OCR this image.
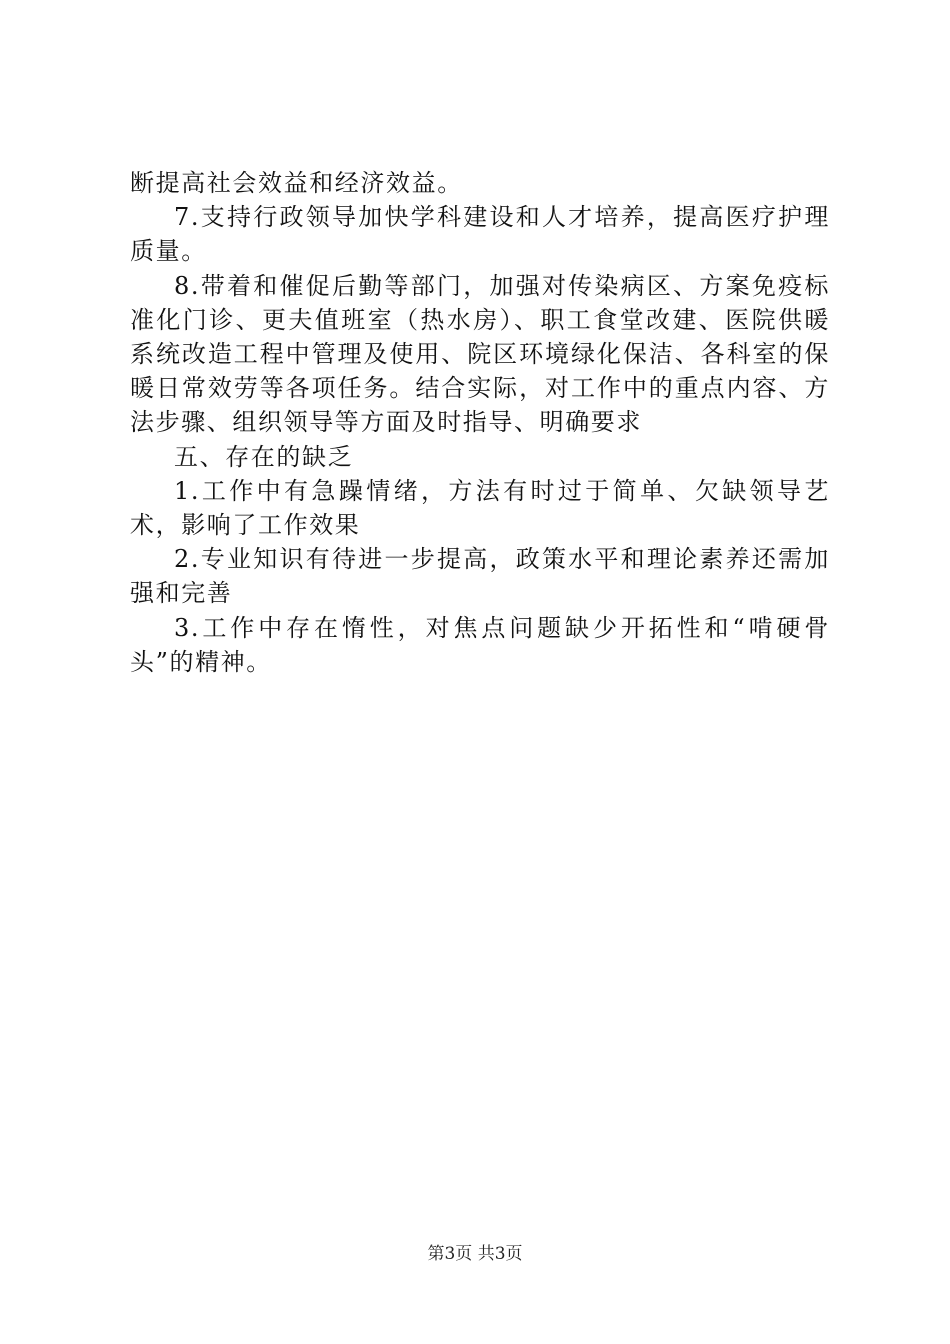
断提高社会效益和经济效益。

7.支持行政领导加快学科建设和人才培养，提高医疗护理质量。

8.带着和催促后勤等部门，加强对传染病区、方案免疫标准化门诊、更夫值班室（热水房）、职工食堂改建、医院供暖系统改造工程中管理及使用、院区环境绿化保洁、各科室的保暖日常效劳等各项任务。结合实际，对工作中的重点内容、方法步骤、组织领导等方面及时指导、明确要求

五、存在的缺乏

1.工作中有急躁情绪，方法有时过于简单、欠缺领导艺术，影响了工作效果

2.专业知识有待进一步提高，政策水平和理论素养还需加强和完善

3.工作中存在惰性，对焦点问题缺少开拓性和“啃硬骨头”的精神。

第3页 共3页
